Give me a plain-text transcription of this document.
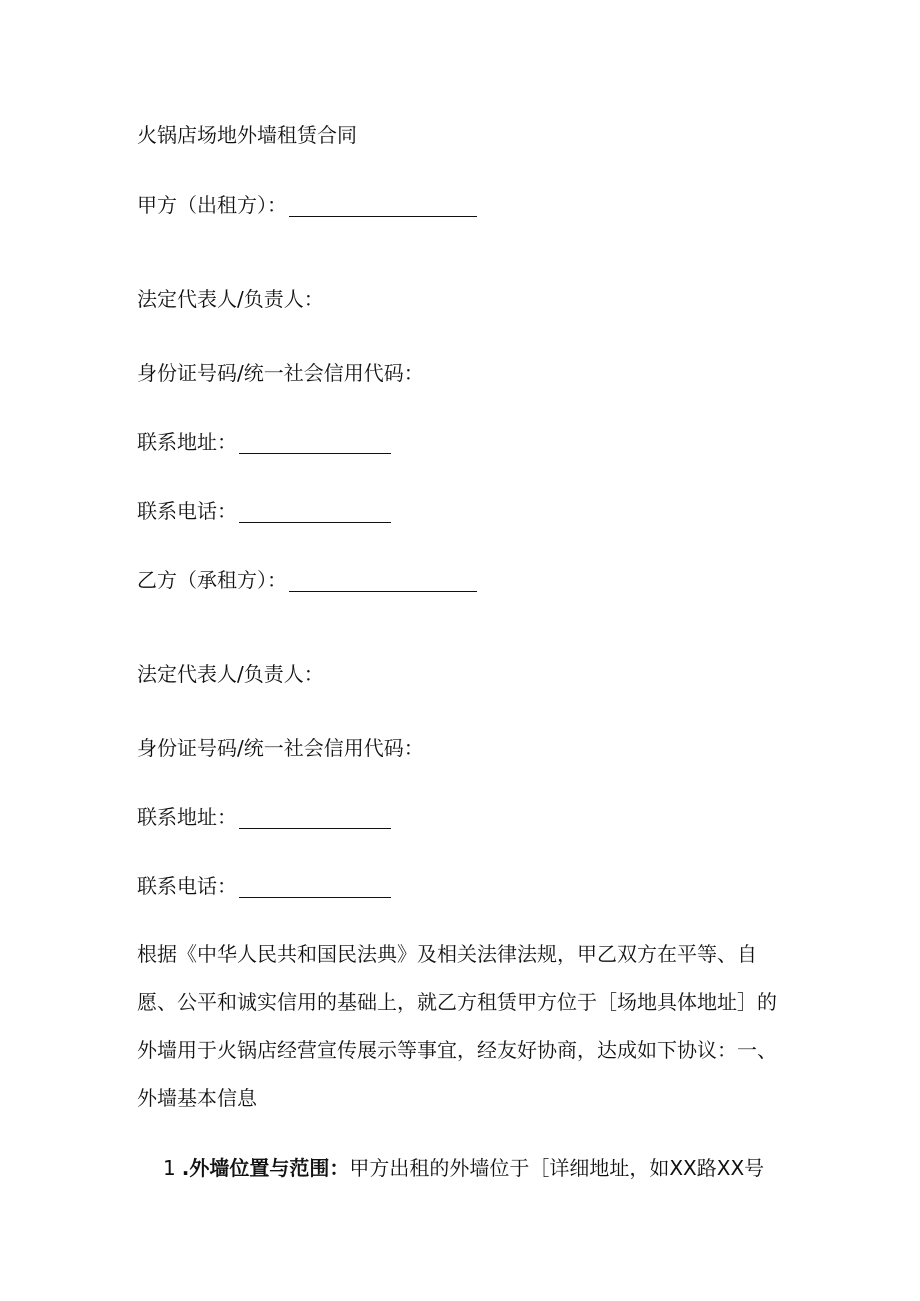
火锅店场地外墙租赁合同
甲方（出租方）：
法定代表人/负责人：
身份证号码/统一社会信用代码：
联系地址：
联系电话：
乙方（承租方）：
法定代表人/负责人：
身份证号码/统一社会信用代码：
联系地址：
联系电话：

根据《中华人民共和国民法典》及相关法律法规，甲乙双方在平等、自

愿、公平和诚实信用的基础上，就乙方租赁甲方位于［场地具体地址］的

外墙用于火锅店经营宣传展示等事宜，经友好协商，达成如下协议：一、

外墙基本信息

1 .外墙位置与范围：甲方出租的外墙位于［详细地址，如XX路XX号
